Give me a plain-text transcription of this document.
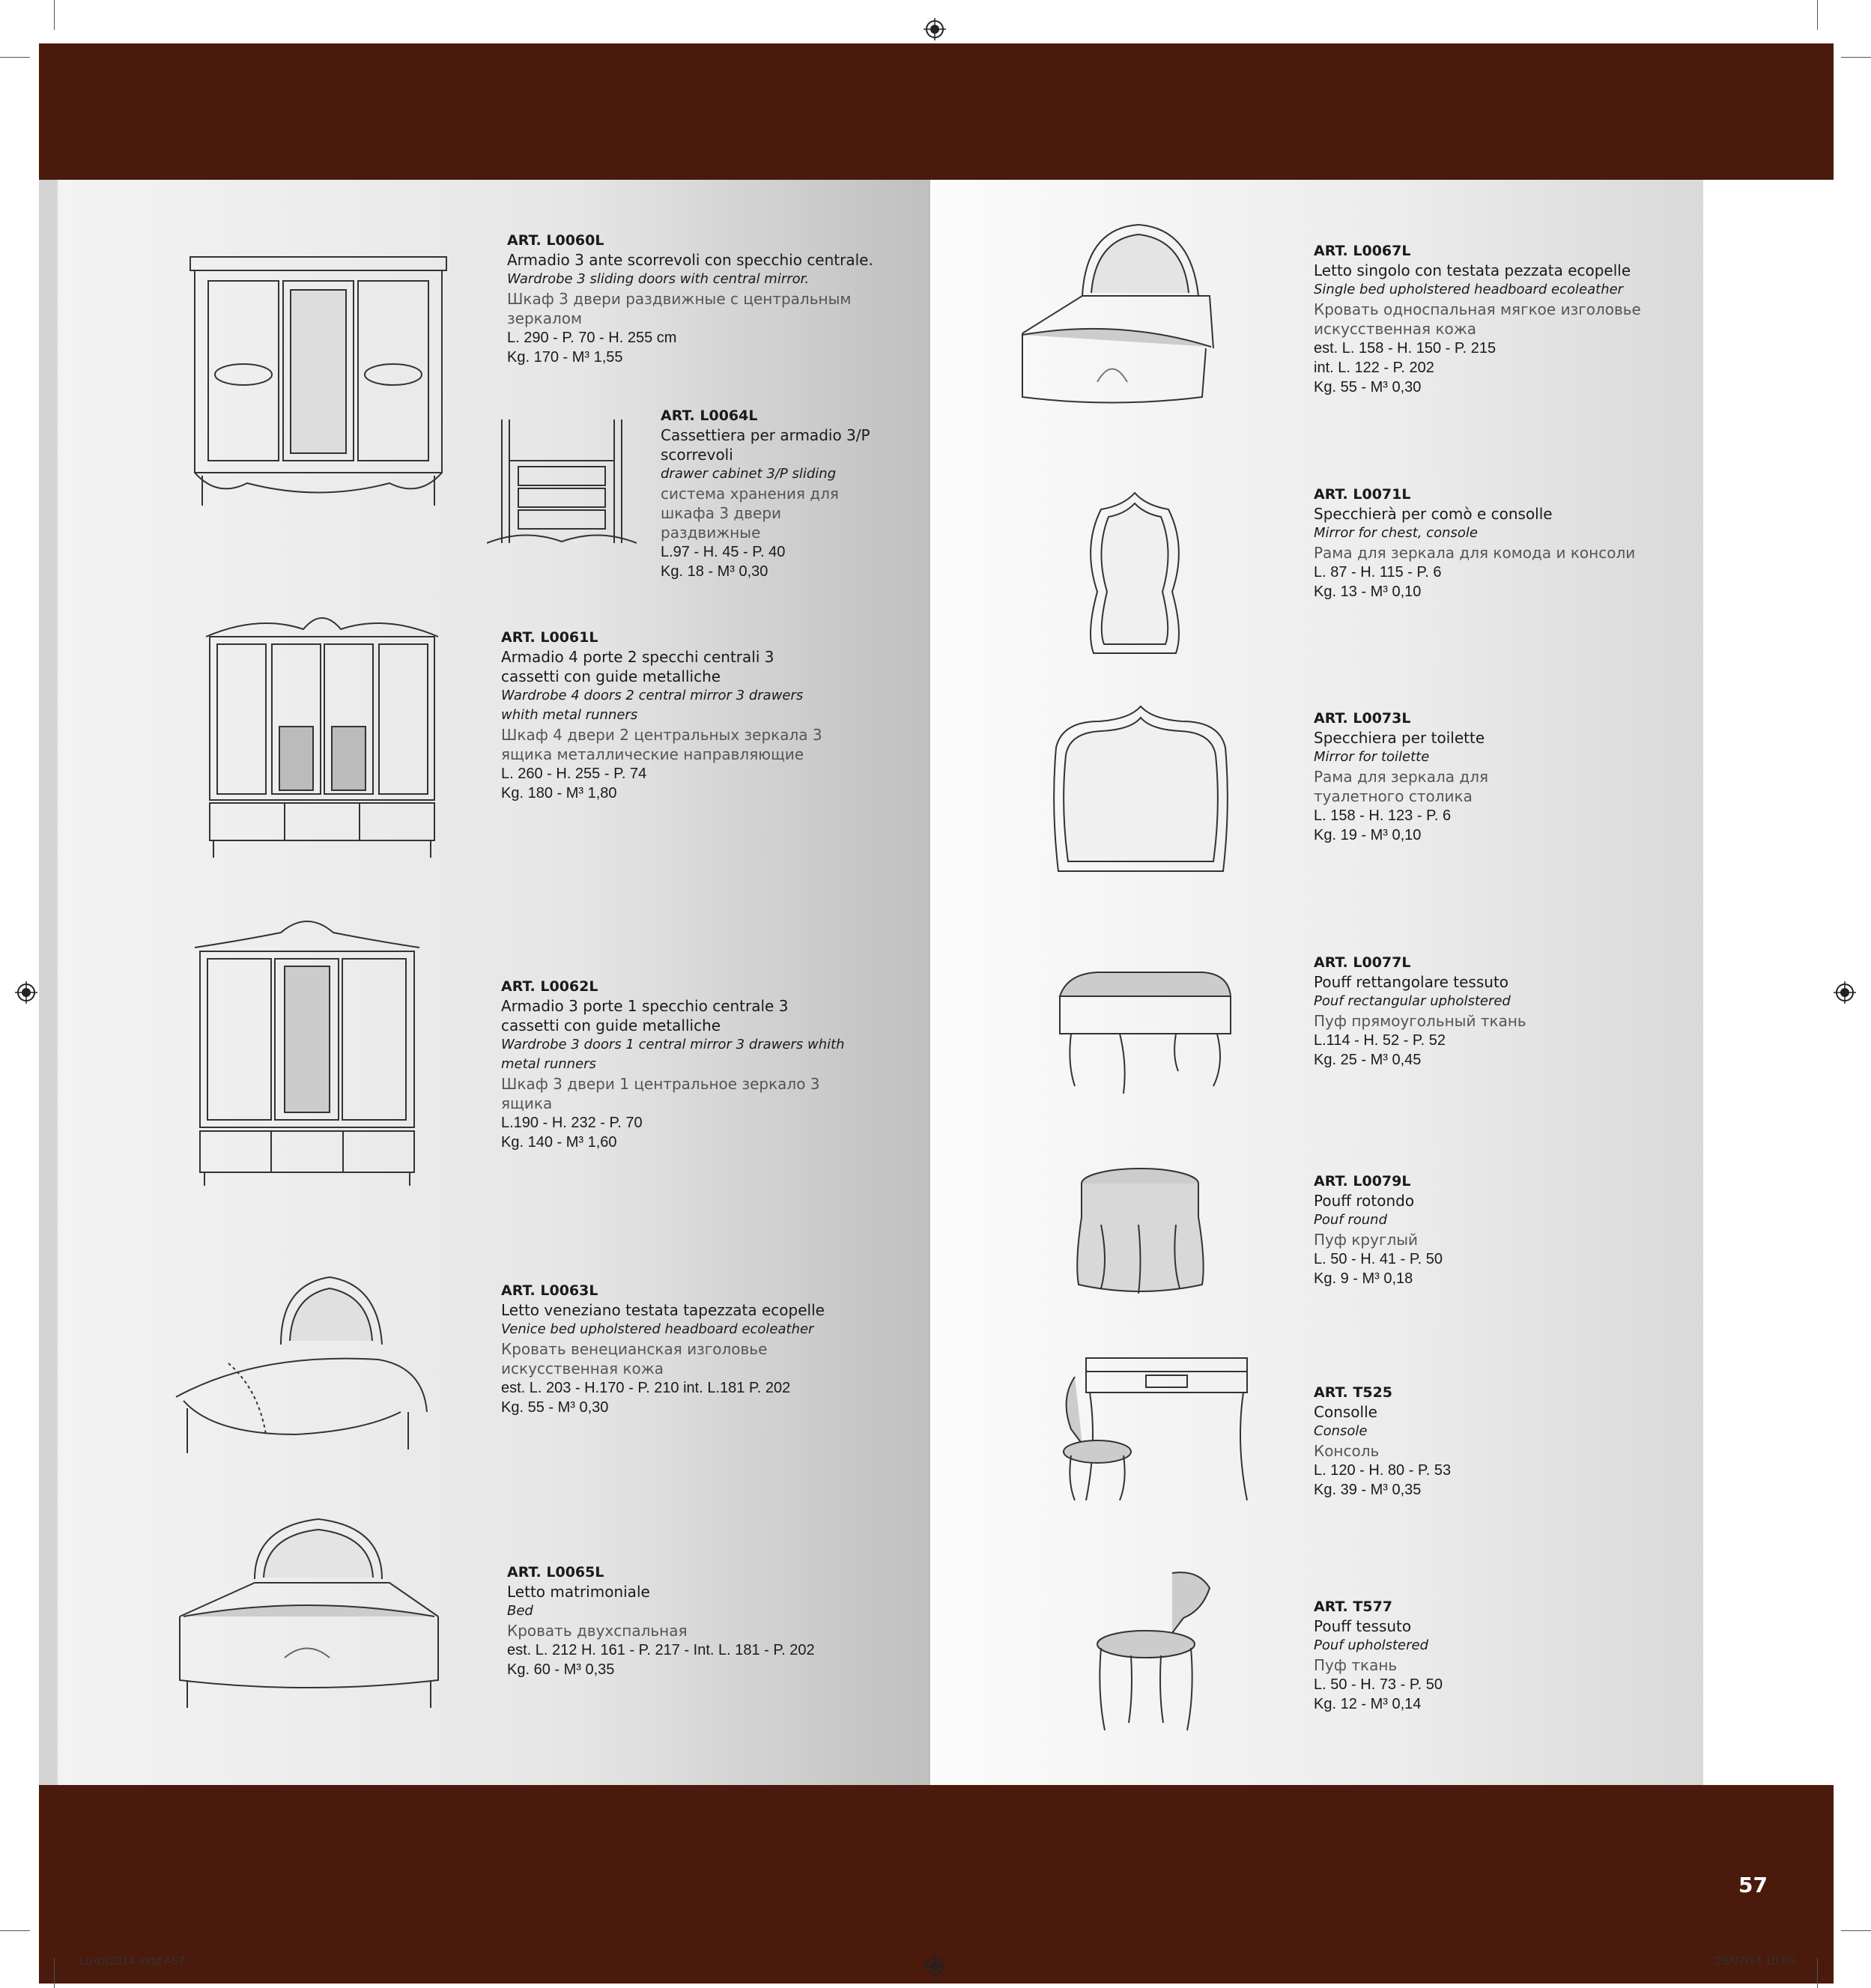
57
Luxor2014.indd A57	26/07/14 10:56
ART. L0060L
Armadio 3 ante scorrevoli con specchio centrale.
Wardrobe 3 sliding doors with central mirror.
Шкаф 3 двери раздвижные с центральным зеркалом
L. 290 - P. 70 - H. 255 cm
Kg. 170 - M³ 1,55
ART. L0064L
Cassettiera per armadio 3/P scorrevoli
drawer cabinet 3/P sliding
система хранения для шкафа 3 двери раздвижные
L.97 - H. 45 - P. 40
Kg. 18 - M³ 0,30
ART. L0061L
Armadio 4 porte 2 specchi centrali 3 cassetti con guide metalliche
Wardrobe 4 doors 2 central mirror 3 drawers whith metal runners
Шкаф 4 двери 2 центральных зеркала 3 ящика металлические направляющие
L. 260 - H. 255 - P. 74
Kg. 180 - M³ 1,80
ART. L0062L
Armadio 3 porte 1 specchio centrale 3 cassetti con guide metalliche
Wardrobe 3 doors 1 central mirror 3 drawers whith metal runners
Шкаф 3 двери 1 центральное зеркало 3 ящика
L.190 - H. 232 - P. 70
Kg. 140 - M³ 1,60
ART. L0063L
Letto veneziano testata tapezzata ecopelle
Venice bed upholstered headboard ecoleather
Кровать венецианская изголовье искусственная кожа
est. L. 203 - H.170 - P. 210 int. L.181 P. 202
Kg. 55 - M³ 0,30
ART. L0065L
Letto matrimoniale
Bed
Кровать двухспальная
est. L. 212 H. 161 - P. 217 - Int. L. 181 - P. 202
Kg. 60 - M³ 0,35
ART. L0067L
Letto singolo con testata pezzata ecopelle
Single bed upholstered headboard ecoleather
Кровать односпальная мягкое изголовье искусственная кожа
est. L. 158 - H. 150 - P. 215
int. L. 122 - P. 202
Kg. 55 - M³ 0,30
ART. L0071L
Specchierà per comò e consolle
Mirror for chest, console
Рама для зеркала для комода и консоли
L. 87 - H. 115 - P. 6
Kg. 13 - M³ 0,10
ART. L0073L
Specchiera per toilette
Mirror for toilette
Рама для зеркала для туалетного столика
L. 158 - H. 123 - P. 6
Kg. 19 - M³ 0,10
ART. L0077L
Pouff rettangolare tessuto
Pouf rectangular upholstered
Пуф прямоугольный ткань
L.114 - H. 52 - P. 52
Kg. 25 - M³ 0,45
ART. L0079L
Pouff rotondo
Pouf round
Пуф круглый
L. 50 - H. 41 - P. 50
Kg. 9 - M³ 0,18
ART. T525
Consolle
Console
Консоль
L. 120 - H. 80 - P. 53
Kg. 39 - M³ 0,35
ART. T577
Pouff tessuto
Pouf upholstered
Пуф ткань
L. 50 - H. 73 - P. 50
Kg. 12 - M³ 0,14
